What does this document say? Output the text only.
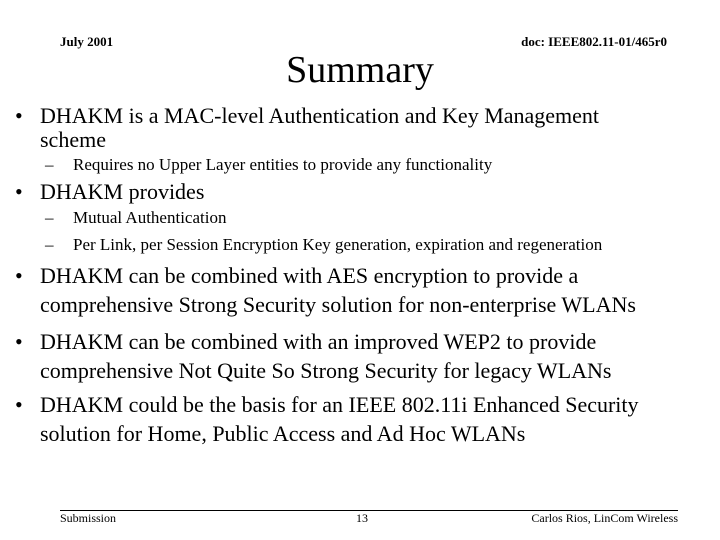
July 2001	doc: IEEE802.11-01/465r0
Summary
• DHAKM is a MAC-level Authentication and Key Management
scheme
– Requires no Upper Layer entities to provide any functionality
• DHAKM provides
– Mutual Authentication
– Per Link, per Session Encryption Key generation, expiration and regeneration
• DHAKM can be combined with AES encryption to provide a
comprehensive Strong Security solution for non-enterprise WLANs
• DHAKM can be combined with an improved WEP2 to provide
comprehensive Not Quite So Strong Security for legacy WLANs
• DHAKM could be the basis for an IEEE 802.11i Enhanced Security
solution for Home, Public Access and Ad Hoc WLANs
Submission	13	Carlos Rios, LinCom Wireless
